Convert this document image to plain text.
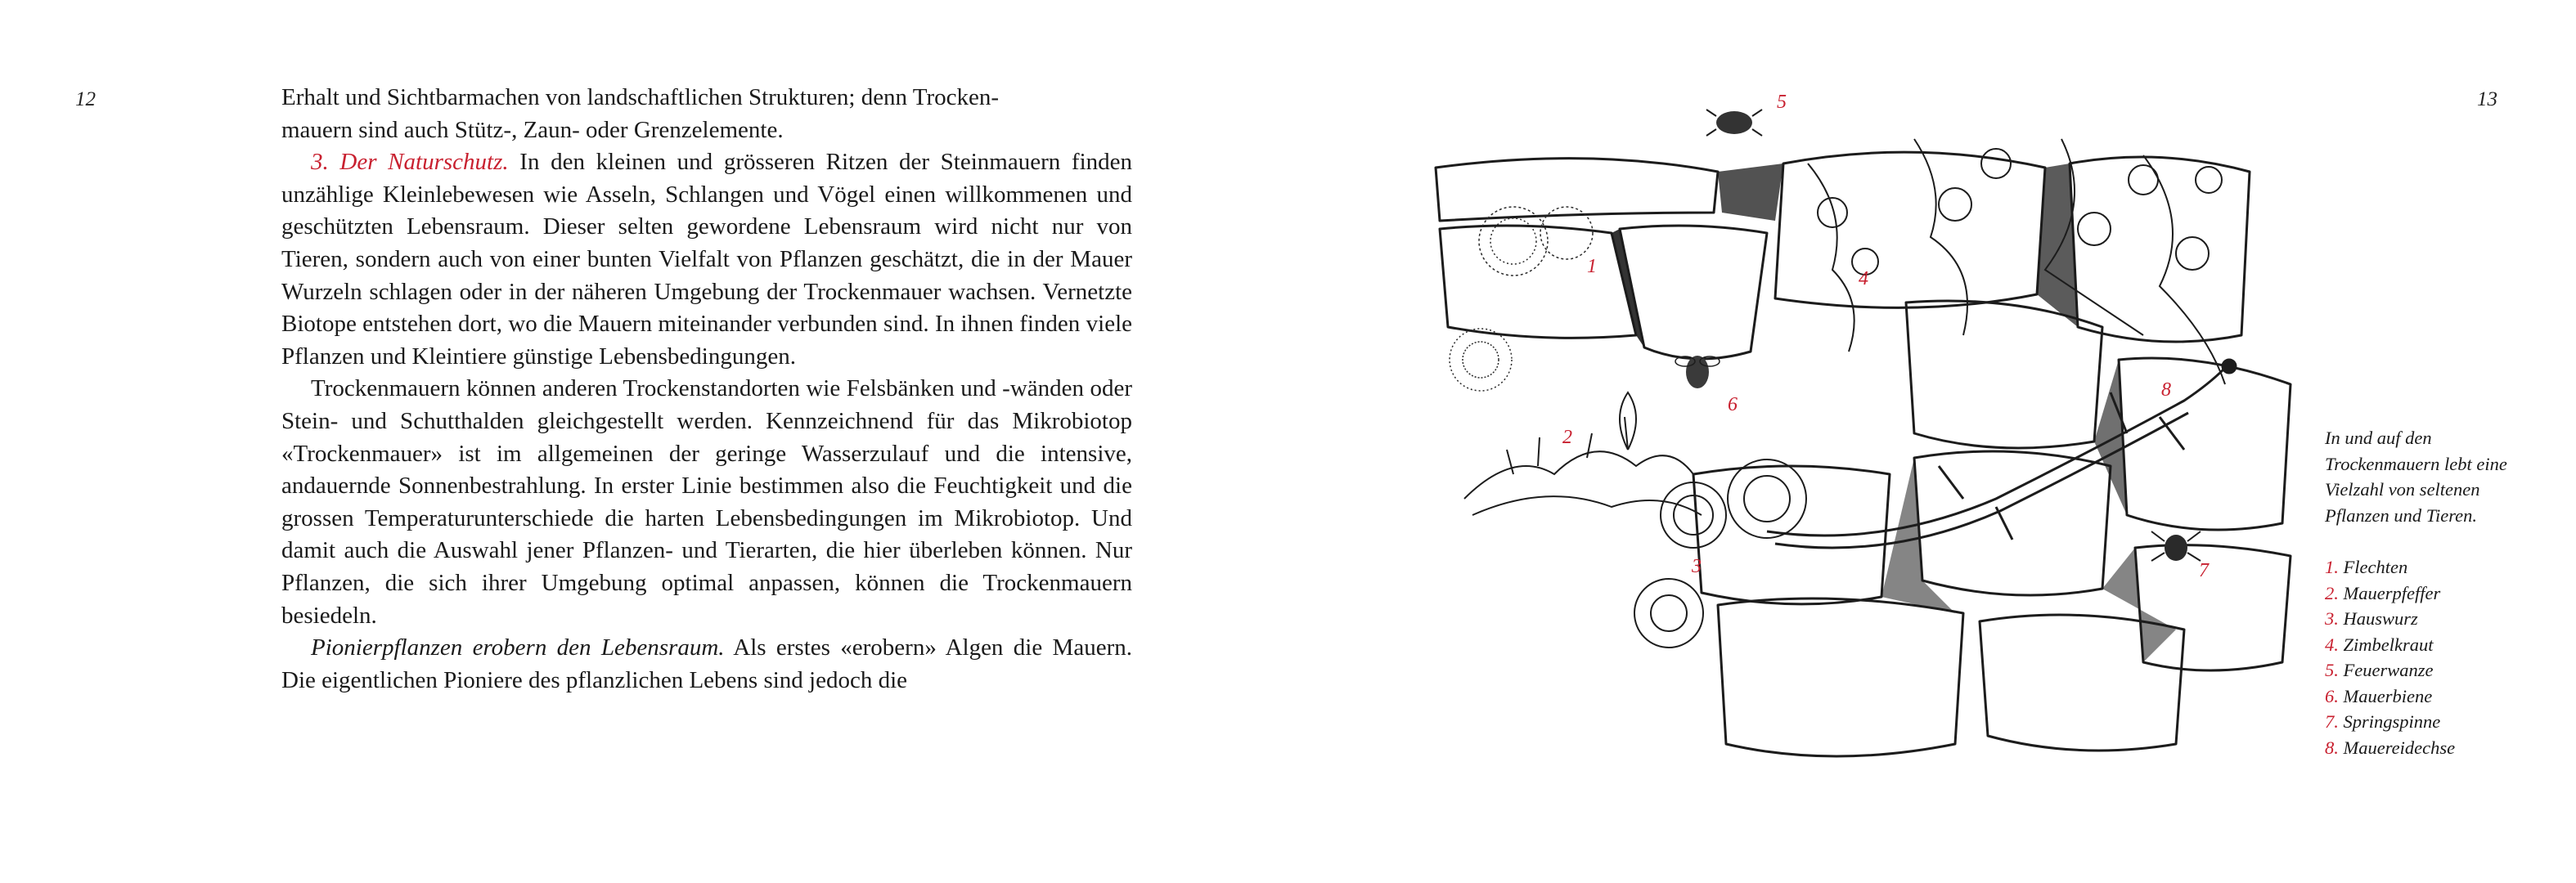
12	13

Erhalt und Sichtbarmachen von landschaftlichen Strukturen; denn Trocken-
mauern sind auch Stütz-, Zaun- oder Grenzelemente.

3. Der Naturschutz. In den kleinen und grösseren Ritzen der Steinmauern finden unzählige Kleinlebewesen wie Asseln, Schlangen und Vögel einen willkommenen und geschützten Lebensraum. Dieser selten gewordene Lebensraum wird nicht nur von Tieren, sondern auch von einer bunten Vielfalt von Pflanzen geschätzt, die in der Mauer Wurzeln schlagen oder in der näheren Umgebung der Trockenmauer wachsen. Vernetzte Biotope entstehen dort, wo die Mauern miteinander verbunden sind. In ihnen finden viele Pflanzen und Kleintiere günstige Lebensbedingungen.

Trockenmauern können anderen Trockenstandorten wie Felsbänken und -wänden oder Stein- und Schutthalden gleichgestellt werden. Kennzeichnend für das Mikrobiotop «Trockenmauer» ist im allgemeinen der geringe Wasserzulauf und die intensive, andauernde Sonnenbestrahlung. In erster Linie bestimmen also die Feuchtigkeit und die grossen Temperaturunterschiede die harten Lebensbedingungen im Mikrobiotop. Und damit auch die Auswahl jener Pflanzen- und Tierarten, die hier überleben können. Nur Pflanzen, die sich ihrer Umgebung optimal anpassen, können die Trockenmauern besiedeln.

Pionierpflanzen erobern den Lebensraum. Als erstes «erobern» Algen die Mauern. Die eigentlichen Pioniere des pflanzlichen Lebens sind jedoch die

1
2
3
4
5
6
7
8

In und auf den Trockenmauern lebt eine Vielzahl von seltenen Pflanzen und Tieren.

1. Flechten
2. Mauerpfeffer
3. Hauswurz
4. Zimbelkraut
5. Feuerwanze
6. Mauerbiene
7. Springspinne
8. Mauereidechse
